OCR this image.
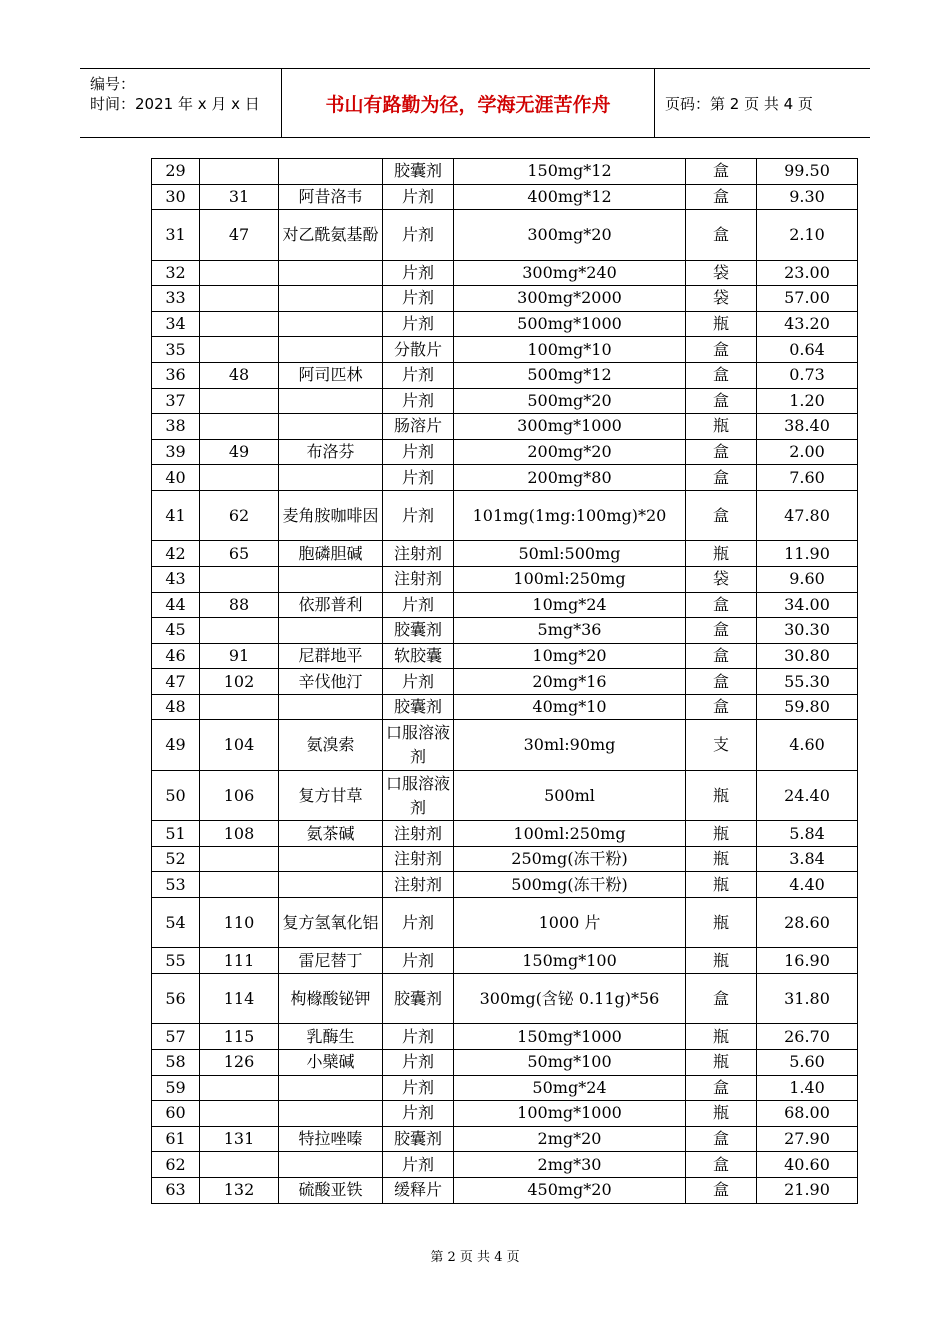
编号：
时间：2021 年 x 月 x 日	书山有路勤为径，学海无涯苦作舟	页码：第 2 页 共 4 页
29			胶囊剂	150mg*12	盒	99.50
30	31	阿昔洛韦	片剂	400mg*12	盒	9.30
31	47	对乙酰氨基酚	片剂	300mg*20	盒	2.10
32			片剂	300mg*240	袋	23.00
33			片剂	300mg*2000	袋	57.00
34			片剂	500mg*1000	瓶	43.20
35			分散片	100mg*10	盒	0.64
36	48	阿司匹林	片剂	500mg*12	盒	0.73
37			片剂	500mg*20	盒	1.20
38			肠溶片	300mg*1000	瓶	38.40
39	49	布洛芬	片剂	200mg*20	盒	2.00
40			片剂	200mg*80	盒	7.60
41	62	麦角胺咖啡因	片剂	101mg(1mg:100mg)*20	盒	47.80
42	65	胞磷胆碱	注射剂	50ml:500mg	瓶	11.90
43			注射剂	100ml:250mg	袋	9.60
44	88	依那普利	片剂	10mg*24	盒	34.00
45			胶囊剂	5mg*36	盒	30.30
46	91	尼群地平	软胶囊	10mg*20	盒	30.80
47	102	辛伐他汀	片剂	20mg*16	盒	55.30
48			胶囊剂	40mg*10	盒	59.80
49	104	氨溴索	口服溶液剂	30ml:90mg	支	4.60
50	106	复方甘草	口服溶液剂	500ml	瓶	24.40
51	108	氨茶碱	注射剂	100ml:250mg	瓶	5.84
52			注射剂	250mg(冻干粉)	瓶	3.84
53			注射剂	500mg(冻干粉)	瓶	4.40
54	110	复方氢氧化铝	片剂	1000 片	瓶	28.60
55	111	雷尼替丁	片剂	150mg*100	瓶	16.90
56	114	枸橼酸铋钾	胶囊剂	300mg(含铋 0.11g)*56	盒	31.80
57	115	乳酶生	片剂	150mg*1000	瓶	26.70
58	126	小檗碱	片剂	50mg*100	瓶	5.60
59			片剂	50mg*24	盒	1.40
60			片剂	100mg*1000	瓶	68.00
61	131	特拉唑嗪	胶囊剂	2mg*20	盒	27.90
62			片剂	2mg*30	盒	40.60
63	132	硫酸亚铁	缓释片	450mg*20	盒	21.90
第 2 页 共 4 页
